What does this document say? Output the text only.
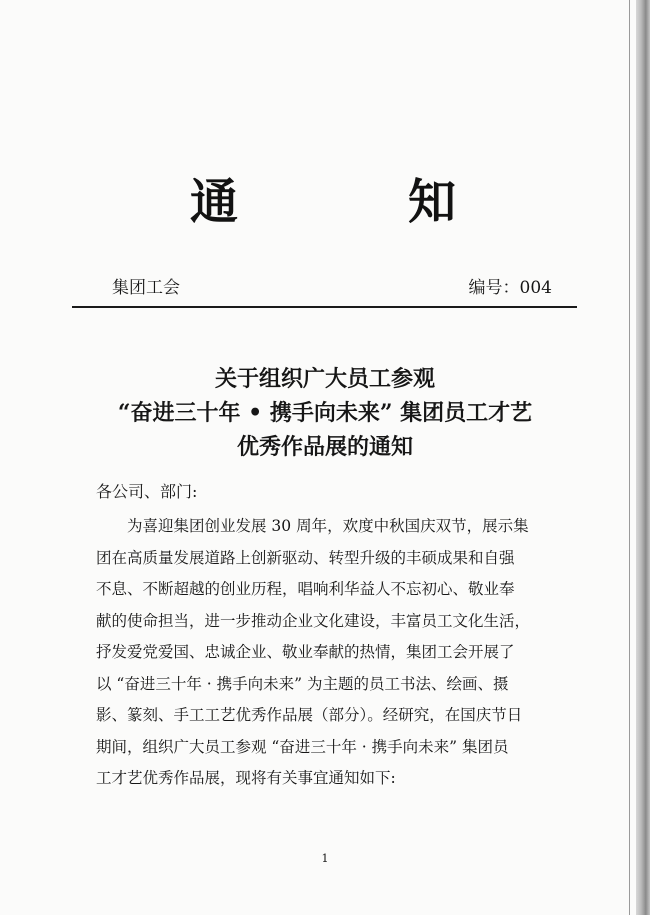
通	知
集团工会	编号：004
关于组织广大员工参观
“奋进三十年 • 携手向未来” 集团员工才艺
优秀作品展的通知
各公司、部门:
为喜迎集团创业发展 30 周年，欢度中秋国庆双节，展示集
团在高质量发展道路上创新驱动、转型升级的丰硕成果和自强
不息、不断超越的创业历程，唱响利华益人不忘初心、敬业奉
献的使命担当，进一步推动企业文化建设，丰富员工文化生活，
抒发爱党爱国、忠诚企业、敬业奉献的热情，集团工会开展了
以 “奋进三十年 · 携手向未来” 为主题的员工书法、绘画、摄
影、篆刻、手工工艺优秀作品展（部分）。经研究，在国庆节日
期间，组织广大员工参观 “奋进三十年 · 携手向未来” 集团员
工才艺优秀作品展，现将有关事宜通知如下:
1
